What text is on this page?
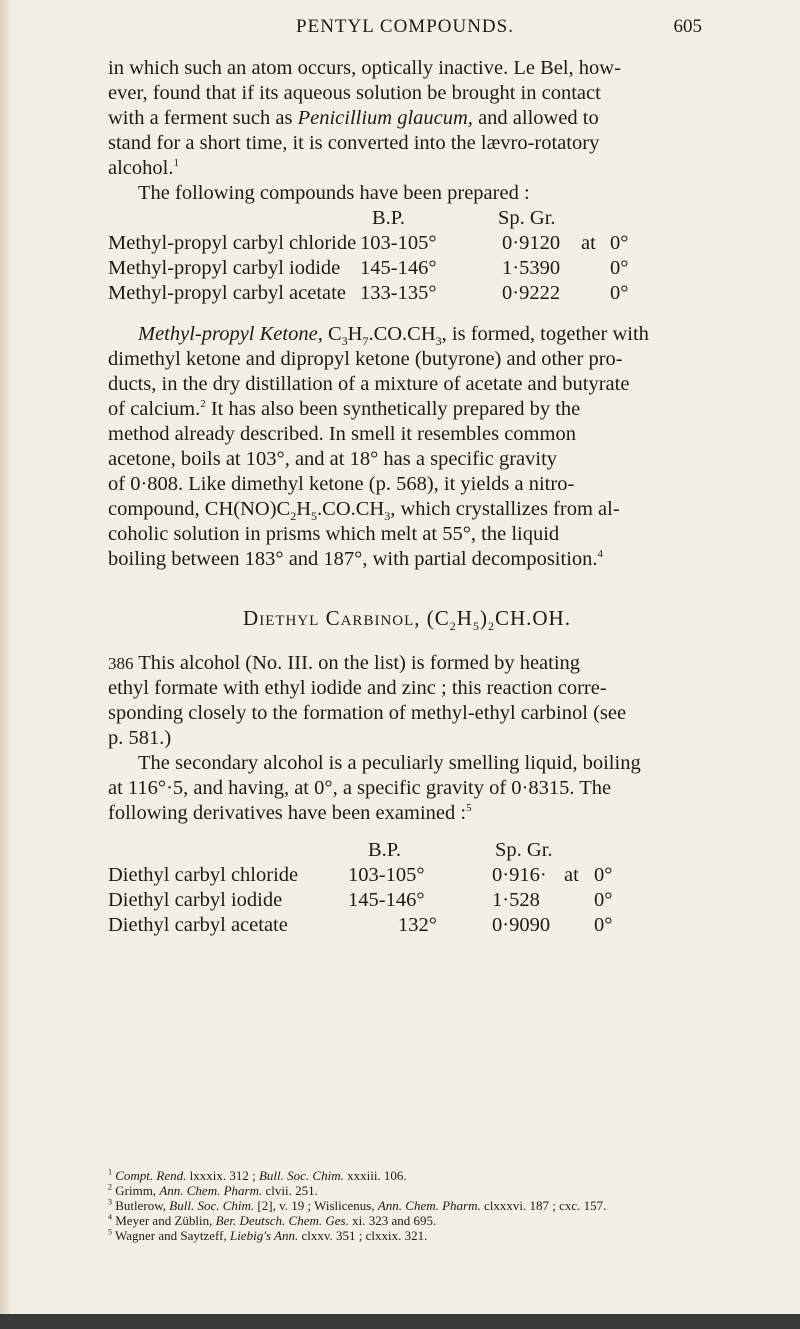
PENTYL COMPOUNDS.	605

in which such an atom occurs, optically inactive. Le Bel, how-
ever, found that if its aqueous solution be brought in contact
with a ferment such as Penicillium glaucum, and allowed to
stand for a short time, it is converted into the lævro-rotatory
alcohol.$^1$

The following compounds have been prepared :

B.P.	Sp. Gr.
Methyl-propyl carbyl chloride 103-105°	0·9120 at 0°
Methyl-propyl carbyl iodide 145-146°	1·5390 0°
Methyl-propyl carbyl acetate 133-135°	0·9222 0°

Methyl-propyl Ketone, $C_3H_7.CO.CH_3$, is formed, together with
dimethyl ketone and dipropyl ketone (butyrone) and other pro-
ducts, in the dry distillation of a mixture of acetate and butyrate
of calcium.$^2$ It has also been synthetically prepared by the
method already described. In smell it resembles common
acetone, boils at 103°, and at 18° has a specific gravity
of 0·808. Like dimethyl ketone (p. 568), it yields a nitro-
compound, $CH(NO)C_2H_5.CO.CH_3$, which crystallizes from al-
coholic solution in prisms which melt at 55°, the liquid
boiling between 183° and 187°, with partial decomposition.$^4$

Diethyl Carbinol, $(C_2H_5)_2CH.OH$.

386 This alcohol (No. III. on the list) is formed by heating
ethyl formate with ethyl iodide and zinc ; this reaction corre-
sponding closely to the formation of methyl-ethyl carbinol (see
p. 581.)

The secondary alcohol is a peculiarly smelling liquid, boiling
at 116°·5, and having, at 0°, a specific gravity of 0·8315. The
following derivatives have been examined :$^5$

B.P.	Sp. Gr.
Diethyl carbyl chloride 103-105°	0·916· at 0°
Diethyl carbyl iodide	145-146°	1·528	0°
Diethyl carbyl acetate	132°	0·9090 0°

$^1$ Compt. Rend. lxxxix. 312 ; Bull. Soc. Chim. xxxiii. 106.

$^2$ Grimm, Ann. Chem. Pharm. clvii. 251.

$^3$ Butlerow, Bull. Soc. Chim. [2], v. 19 ; Wislicenus, Ann. Chem. Pharm. clxxxvi. 187 ; cxc. 157.

$^4$ Meyer and Züblin, Ber. Deutsch. Chem. Ges. xi. 323 and 695.

$^5$ Wagner and Saytzeff, Liebig's Ann. clxxv. 351 ; clxxix. 321.
